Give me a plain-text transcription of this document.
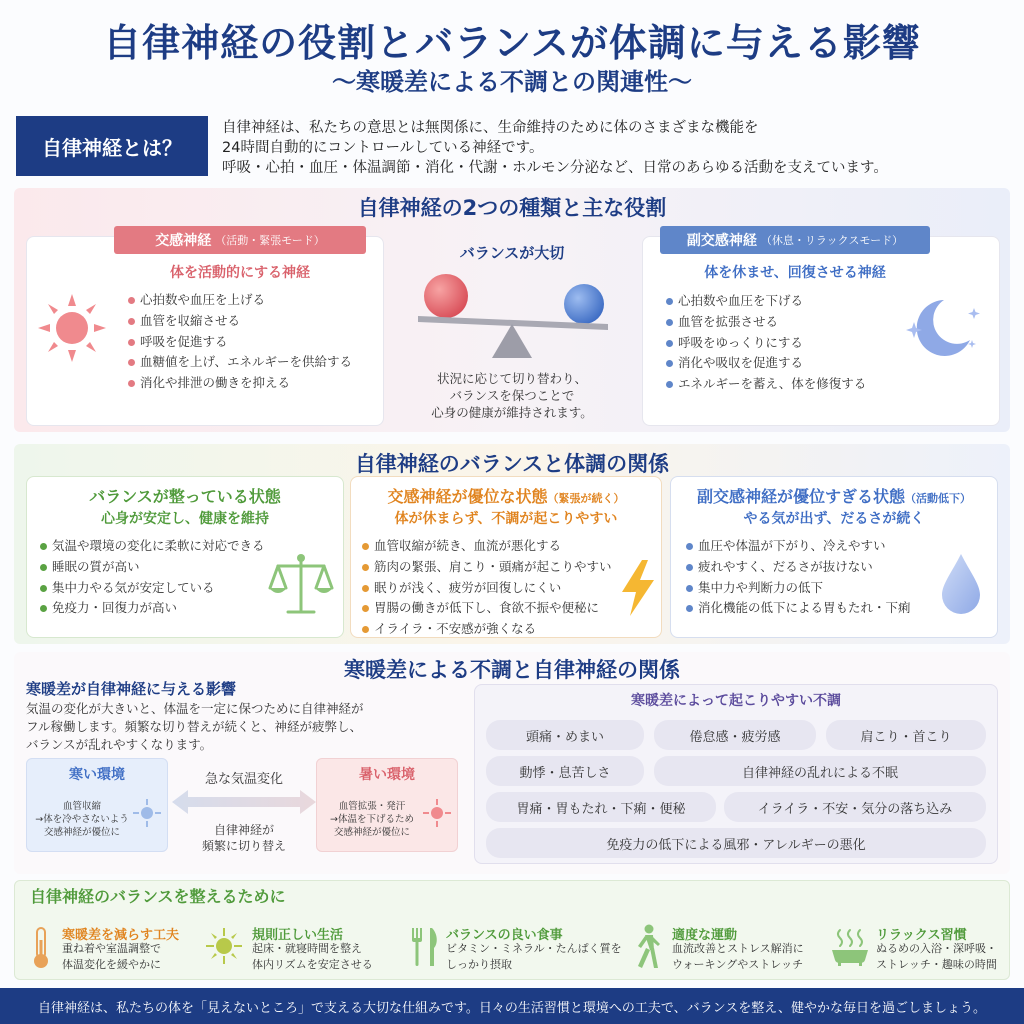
自律神経の役割とバランスが体調に与える影響
〜寒暖差による不調との関連性〜
自律神経とは？
自律神経は、私たちの意思とは無関係に、生命維持のために体のさまざまな機能を
24時間自動的にコントロールしている神経です。
呼吸・心拍・血圧・体温調節・消化・代謝・ホルモン分泌など、日常のあらゆる活動を支えています。
自律神経の2つの種類と主な役割
交感神経 （活動・緊張モード）
体を活動的にする神経
心拍数や血圧を上げる
血管を収縮させる
呼吸を促進する
血糖値を上げ、エネルギーを供給する
消化や排泄の働きを抑える
バランスが大切
状況に応じて切り替わり、
バランスを保つことで
心身の健康が維持されます。
副交感神経 （休息・リラックスモード）
体を休ませ、回復させる神経
心拍数や血圧を下げる
血管を拡張させる
呼吸をゆっくりにする
消化や吸収を促進する
エネルギーを蓄え、体を修復する
自律神経のバランスと体調の関係
バランスが整っている状態
心身が安定し、健康を維持
気温や環境の変化に柔軟に対応できる
睡眠の質が高い
集中力やる気が安定している
免疫力・回復力が高い
交感神経が優位な状態（緊張が続く）
体が休まらず、不調が起こりやすい
血管収縮が続き、血流が悪化する
筋肉の緊張、肩こり・頭痛が起こりやすい
眠りが浅く、疲労が回復しにくい
胃腸の働きが低下し、食欲不振や便秘に
イライラ・不安感が強くなる
副交感神経が優位すぎる状態（活動低下）
やる気が出ず、だるさが続く
血圧や体温が下がり、冷えやすい
疲れやすく、だるさが抜けない
集中力や判断力の低下
消化機能の低下による胃もたれ・下痢
寒暖差による不調と自律神経の関係
寒暖差が自律神経に与える影響
気温の変化が大きいと、体温を一定に保つために自律神経が
フル稼働します。頻繁な切り替えが続くと、神経が疲弊し、
バランスが乱れやすくなります。
寒い環境
血管収縮
→体を冷やさないよう
交感神経が優位に
急な気温変化
自律神経が
頻繁に切り替え
暑い環境
血管拡張・発汗
→体温を下げるため
交感神経が優位に
寒暖差によって起こりやすい不調
頭痛・めまい	倦怠感・疲労感	肩こり・首こり
動悸・息苦しさ	自律神経の乱れによる不眠
胃痛・胃もたれ・下痢・便秘	イライラ・不安・気分の落ち込み
免疫力の低下による風邪・アレルギーの悪化
自律神経のバランスを整えるために
寒暖差を減らす工夫
重ね着や室温調整で
体温変化を緩やかに
規則正しい生活
起床・就寝時間を整え
体内リズムを安定させる
バランスの良い食事
ビタミン・ミネラル・たんぱく質を
しっかり摂取
適度な運動
血流改善とストレス解消に
ウォーキングやストレッチ
リラックス習慣
ぬるめの入浴・深呼吸・
ストレッチ・趣味の時間
自律神経は、私たちの体を「見えないところ」で支える大切な仕組みです。日々の生活習慣と環境への工夫で、バランスを整え、健やかな毎日を過ごしましょう。
